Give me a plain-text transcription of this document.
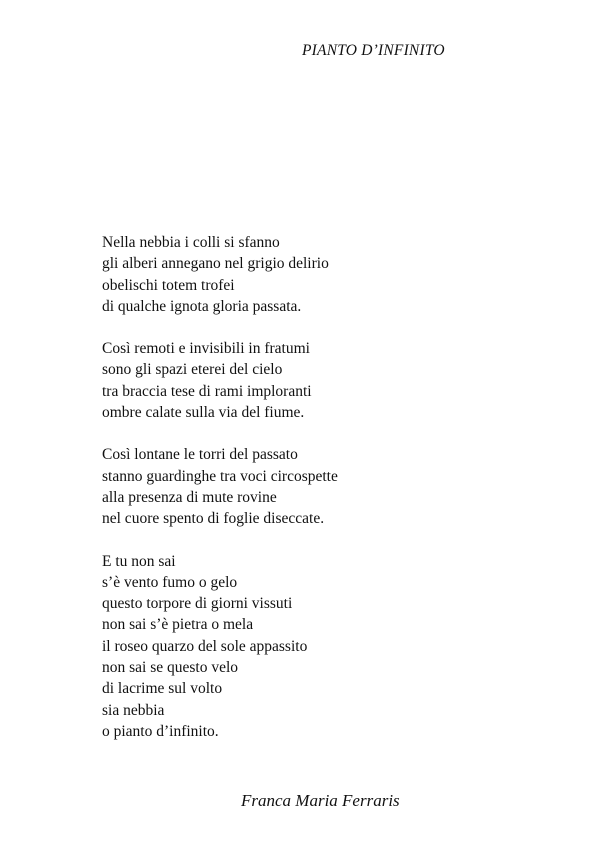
PIANTO D’INFINITO
Nella nebbia i colli si sfanno
gli alberi annegano nel grigio delirio
obelischi totem trofei
di qualche ignota gloria passata.
Così remoti e invisibili in fratumi
sono gli spazi eterei del cielo
tra braccia tese di rami imploranti
ombre calate sulla via del fiume.
Così lontane le torri del passato
stanno guardinghe tra voci circospette
alla presenza di mute rovine
nel cuore spento di foglie diseccate.
E tu non sai
s’è vento fumo o gelo
questo torpore di giorni vissuti
non sai s’è pietra o mela
il roseo quarzo del sole appassito
non sai se questo velo
di lacrime sul volto
sia nebbia
o pianto d’infinito.
Franca Maria Ferraris
